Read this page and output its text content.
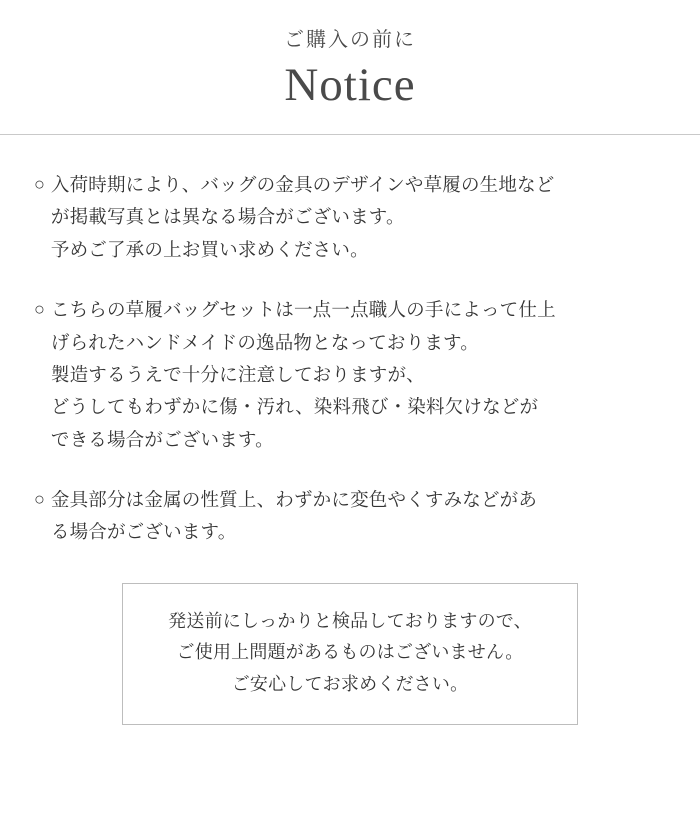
ご購入の前に
Notice
○ 入荷時期により、バッグの金具のデザインや草履の生地など
が掲載写真とは異なる場合がございます。
予めご了承の上お買い求めください。
○ こちらの草履バッグセットは一点一点職人の手によって仕上
げられたハンドメイドの逸品物となっております。
製造するうえで十分に注意しておりますが、
どうしてもわずかに傷・汚れ、染料飛び・染料欠けなどが
できる場合がございます。
○ 金具部分は金属の性質上、わずかに変色やくすみなどがあ
る場合がございます。
発送前にしっかりと検品しておりますので、
ご使用上問題があるものはございません。
ご安心してお求めください。
